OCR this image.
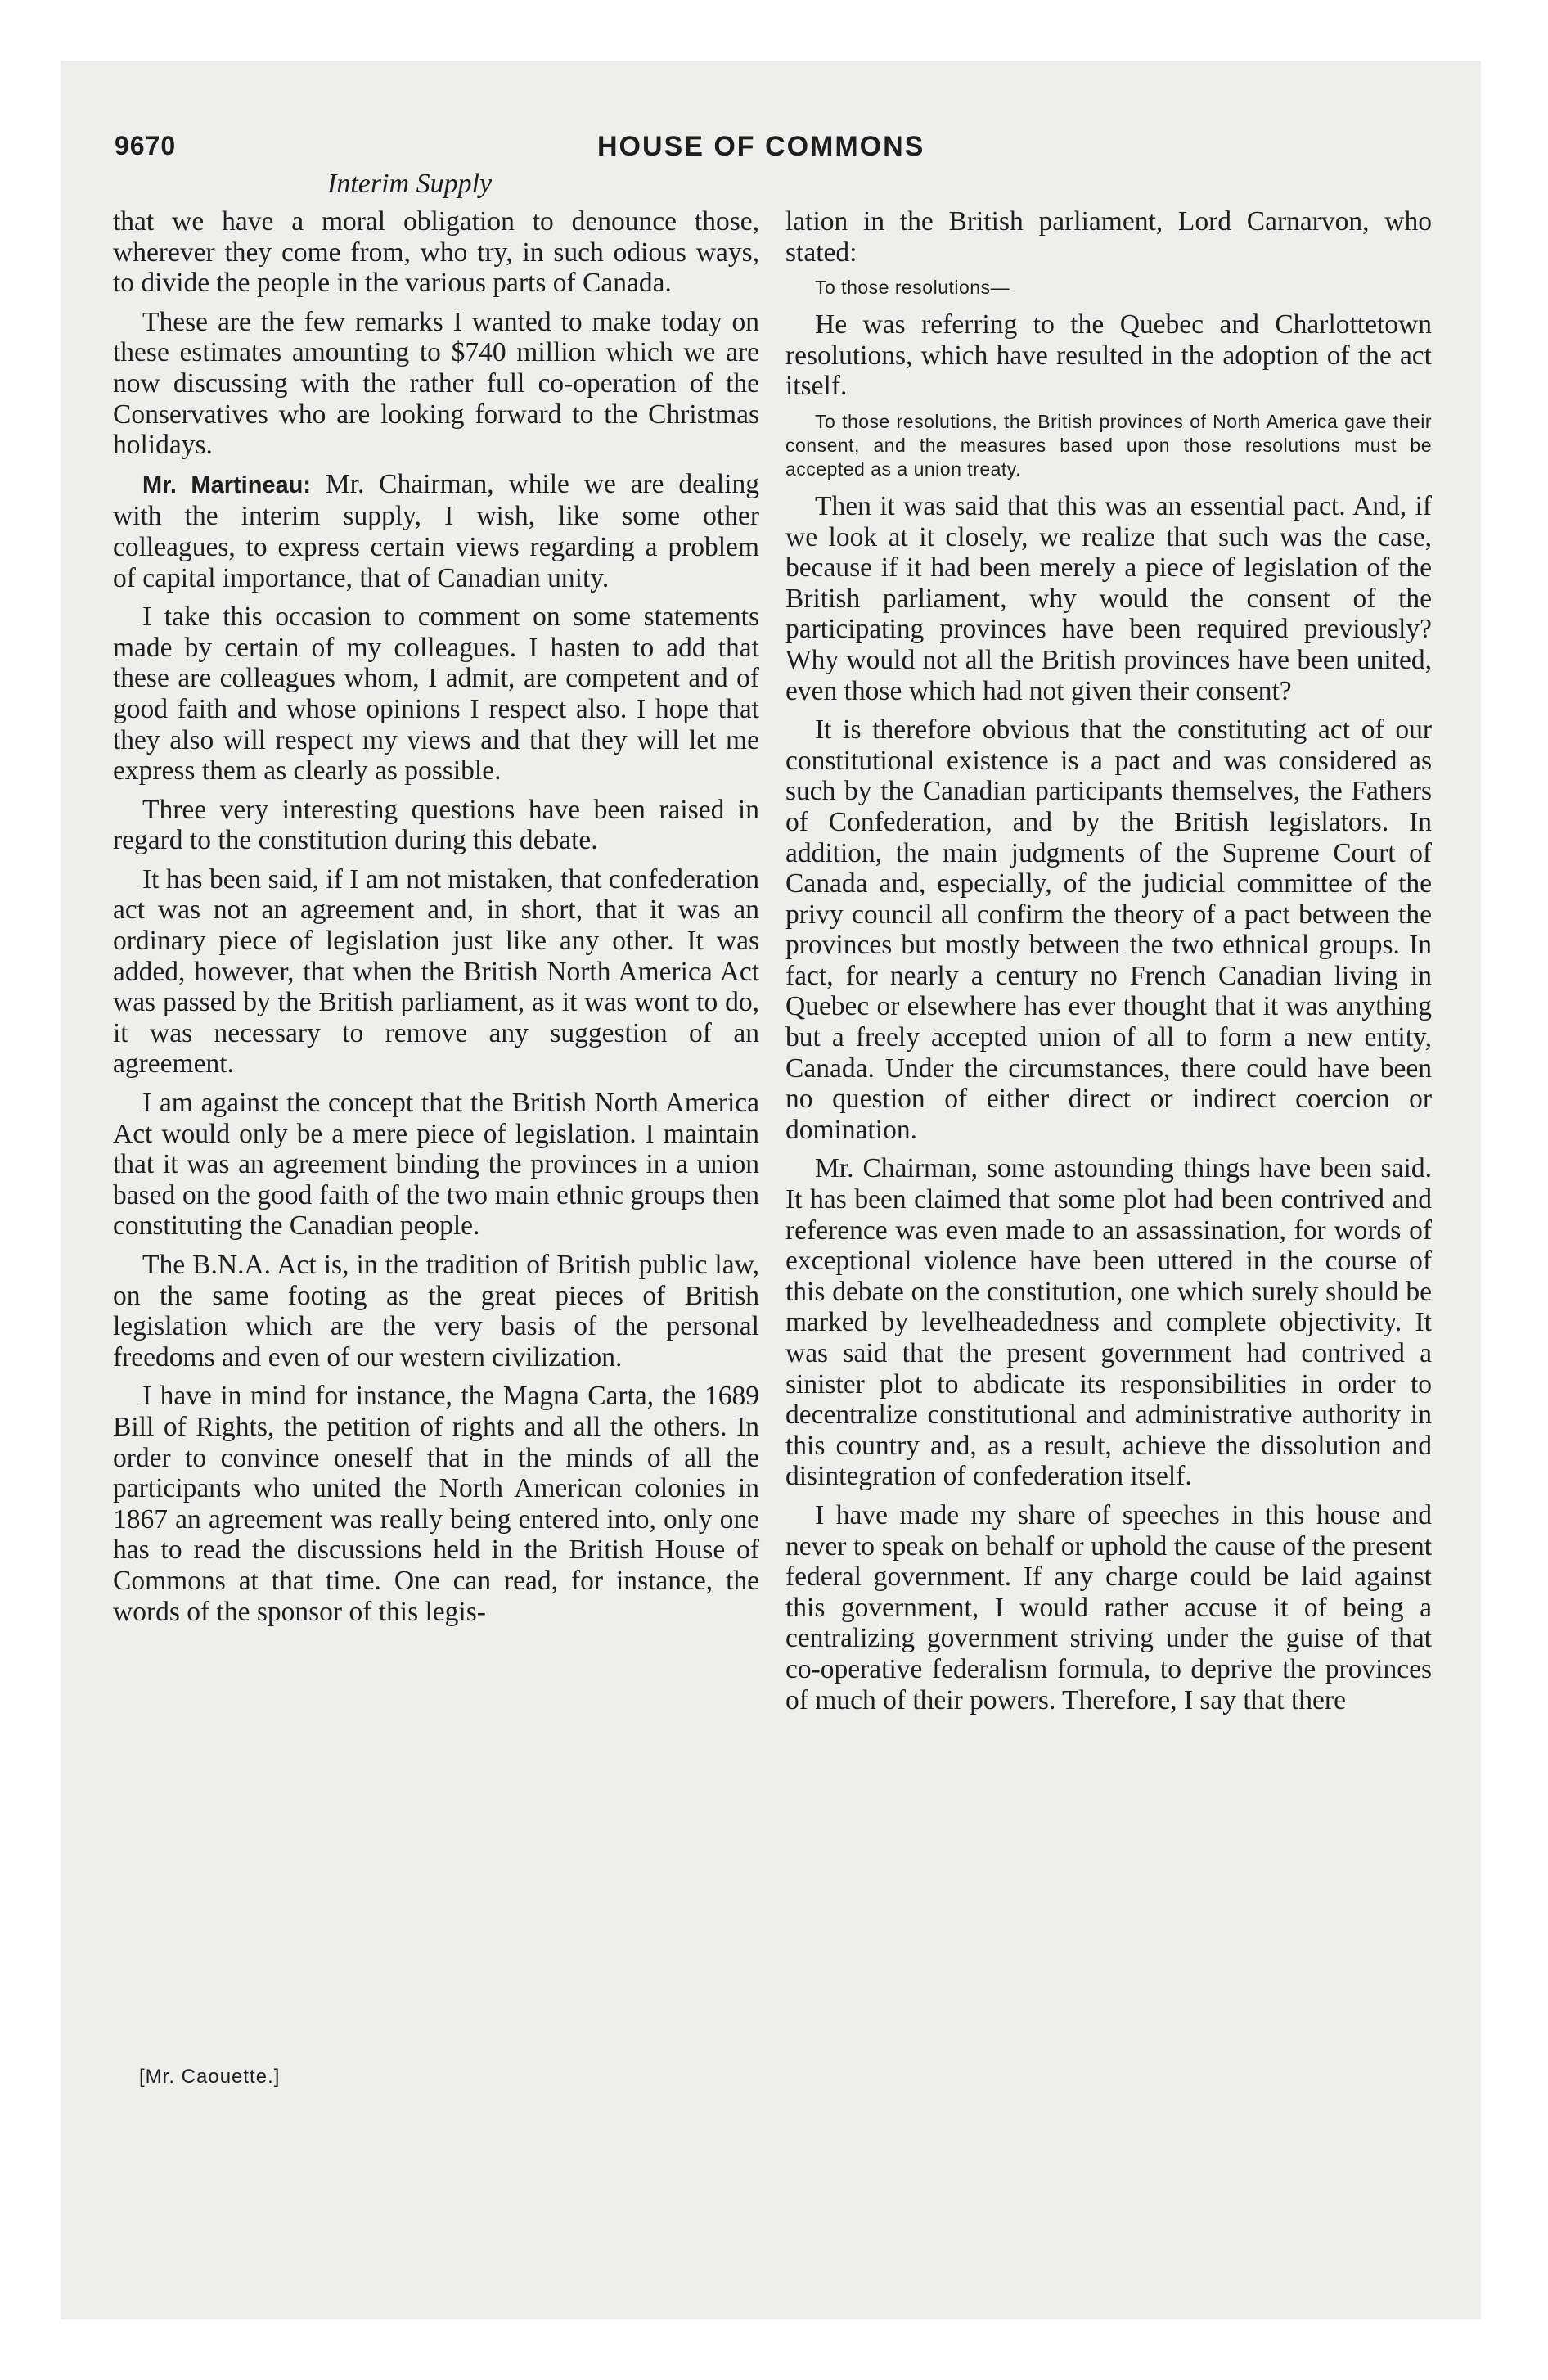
9670	HOUSE OF COMMONS
Interim Supply

that we have a moral obligation to denounce those, wherever they come from, who try, in such odious ways, to divide the people in the various parts of Canada.

These are the few remarks I wanted to make today on these estimates amounting to $740 million which we are now discussing with the rather full co-operation of the Conservatives who are looking forward to the Christmas holidays.

Mr. Martineau: Mr. Chairman, while we are dealing with the interim supply, I wish, like some other colleagues, to express certain views regarding a problem of capital importance, that of Canadian unity.

I take this occasion to comment on some statements made by certain of my colleagues. I hasten to add that these are colleagues whom, I admit, are competent and of good faith and whose opinions I respect also. I hope that they also will respect my views and that they will let me express them as clearly as possible.

Three very interesting questions have been raised in regard to the constitution during this debate.

It has been said, if I am not mistaken, that confederation act was not an agreement and, in short, that it was an ordinary piece of legislation just like any other. It was added, however, that when the British North America Act was passed by the British parliament, as it was wont to do, it was necessary to remove any suggestion of an agreement.

I am against the concept that the British North America Act would only be a mere piece of legislation. I maintain that it was an agreement binding the provinces in a union based on the good faith of the two main ethnic groups then constituting the Canadian people.

The B.N.A. Act is, in the tradition of British public law, on the same footing as the great pieces of British legislation which are the very basis of the personal freedoms and even of our western civilization.

I have in mind for instance, the Magna Carta, the 1689 Bill of Rights, the petition of rights and all the others. In order to convince oneself that in the minds of all the participants who united the North American colonies in 1867 an agreement was really being entered into, only one has to read the discussions held in the British House of Commons at that time. One can read, for instance, the words of the sponsor of this legis-

lation in the British parliament, Lord Carnarvon, who stated:

To those resolutions—

He was referring to the Quebec and Charlottetown resolutions, which have resulted in the adoption of the act itself.

To those resolutions, the British provinces of North America gave their consent, and the measures based upon those resolutions must be accepted as a union treaty.

Then it was said that this was an essential pact. And, if we look at it closely, we realize that such was the case, because if it had been merely a piece of legislation of the British parliament, why would the consent of the participating provinces have been required previously? Why would not all the British provinces have been united, even those which had not given their consent?

It is therefore obvious that the constituting act of our constitutional existence is a pact and was considered as such by the Canadian participants themselves, the Fathers of Confederation, and by the British legislators. In addition, the main judgments of the Supreme Court of Canada and, especially, of the judicial committee of the privy council all confirm the theory of a pact between the provinces but mostly between the two ethnical groups. In fact, for nearly a century no French Canadian living in Quebec or elsewhere has ever thought that it was anything but a freely accepted union of all to form a new entity, Canada. Under the circumstances, there could have been no question of either direct or indirect coercion or domination.

Mr. Chairman, some astounding things have been said. It has been claimed that some plot had been contrived and reference was even made to an assassination, for words of exceptional violence have been uttered in the course of this debate on the constitution, one which surely should be marked by levelheadedness and complete objectivity. It was said that the present government had contrived a sinister plot to abdicate its responsibilities in order to decentralize constitutional and administrative authority in this country and, as a result, achieve the dissolution and disintegration of confederation itself.

I have made my share of speeches in this house and never to speak on behalf or uphold the cause of the present federal government. If any charge could be laid against this government, I would rather accuse it of being a centralizing government striving under the guise of that co-operative federalism formula, to deprive the provinces of much of their powers. Therefore, I say that there

[Mr. Caouette.]
